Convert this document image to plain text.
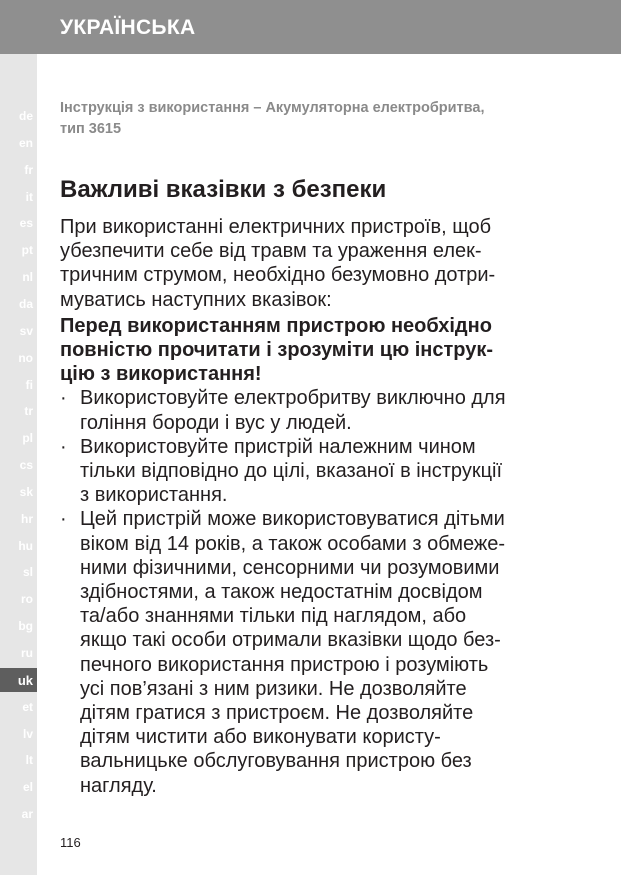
УКРАЇНСЬКА
de
en
fr
it
es
pt
nl
da
sv
no
fi
tr
pl
cs
sk
hr
hu
sl
ro
bg
ru
uk
et
lv
lt
el
ar
Інструкція з використання – Акумуляторна електробритва,
тип 3615
Важливі вказівки з безпеки
При використанні електричних пристроїв, щоб
убезпечити себе від травм та ураження елек-
тричним струмом, необхідно безумовно дотри-
муватись наступних вказівок:
Перед використанням пристрою необхідно
повністю прочитати і зрозуміти цю інструк-
цію з використання!
· Використовуйте електробритву виключно для
гоління бороди і вус у людей.
· Використовуйте пристрій належним чином
тільки відповідно до цілі, вказаної в інструкції
з використання.
· Цей пристрій може використовуватися дітьми
віком від 14 років, а також особами з обмеже-
ними фізичними, сенсорними чи розумовими
здібностями, а також недостатнім досвідом
та/або знаннями тільки під наглядом, або
якщо такі особи отримали вказівки щодо без-
печного використання пристрою і розуміють
усі пов’язані з ним ризики. Не дозволяйте
дітям гратися з пристроєм. Не дозволяйте
дітям чистити або виконувати користу-
вальницьке обслуговування пристрою без
нагляду.
116
